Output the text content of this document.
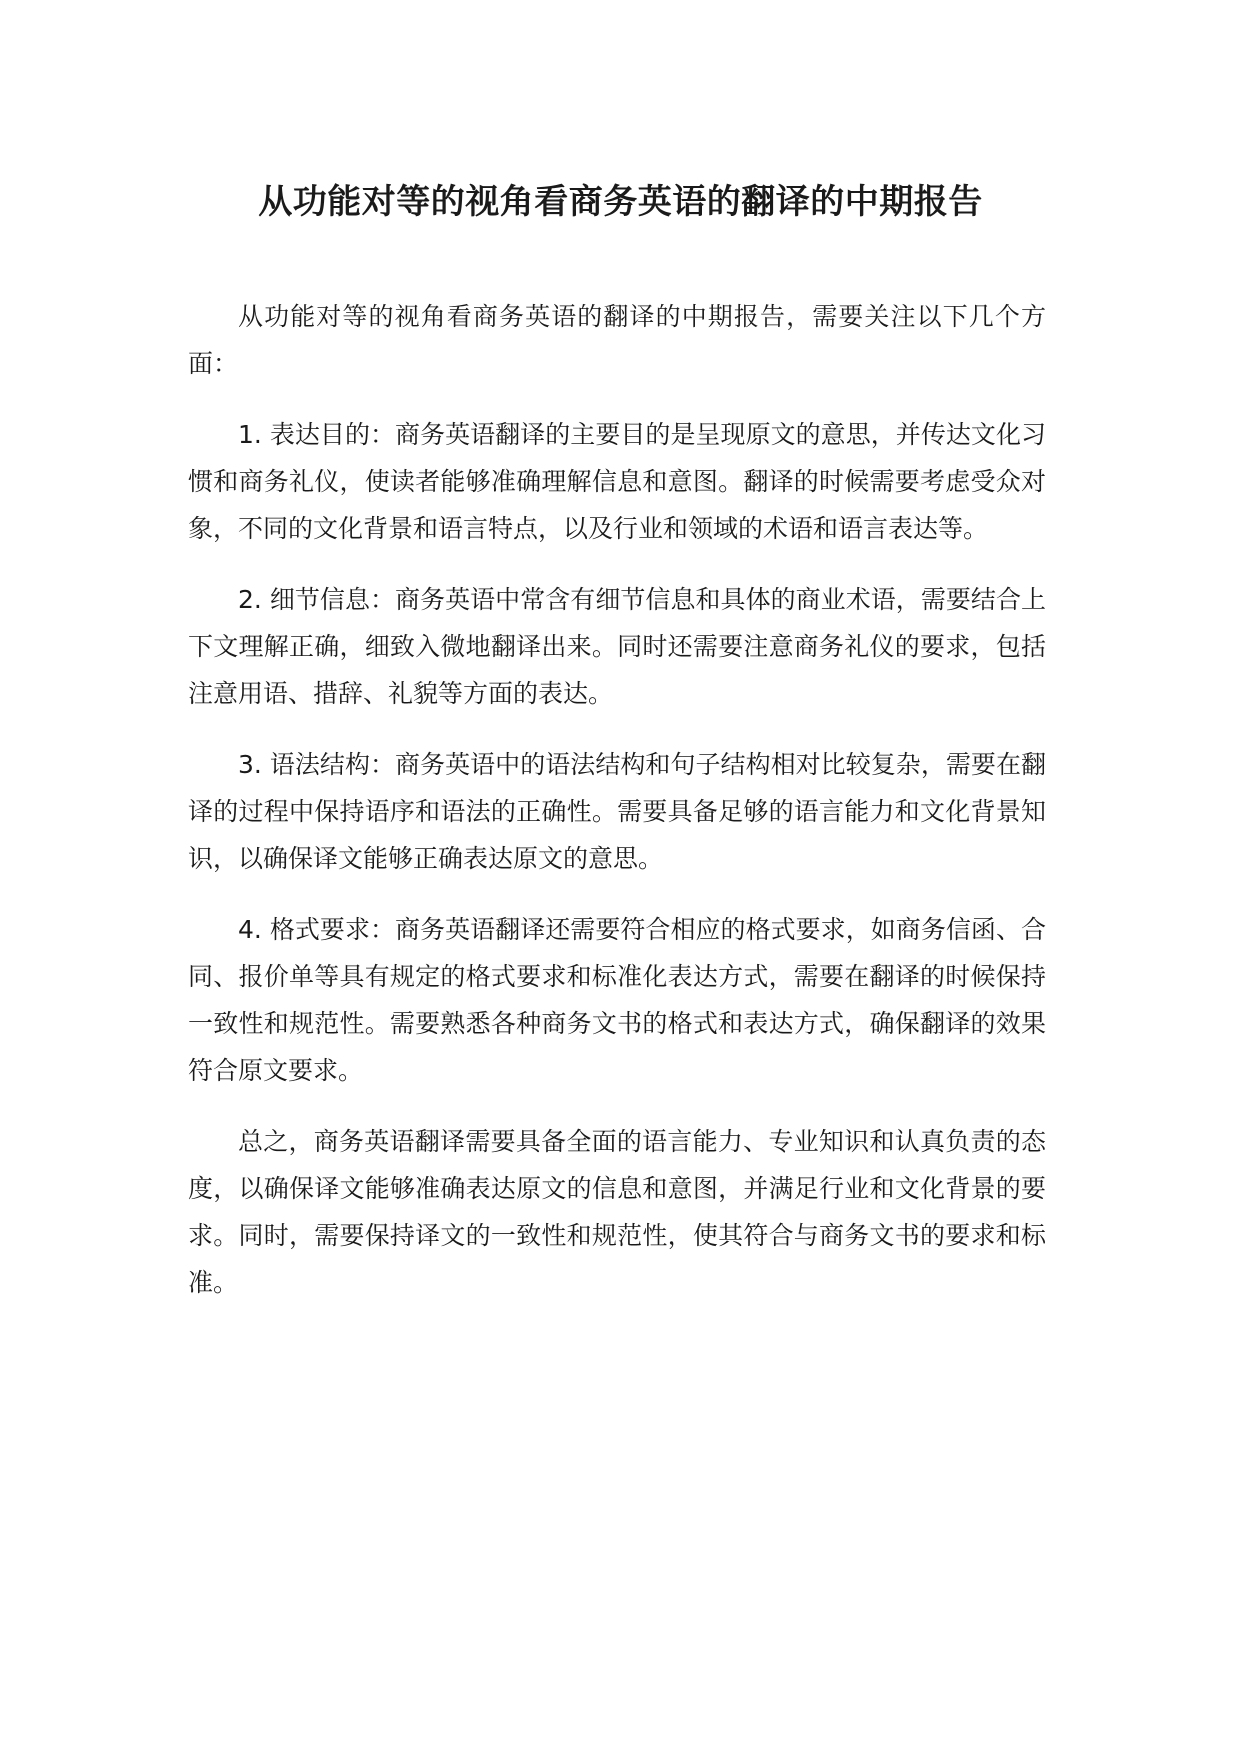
从功能对等的视角看商务英语的翻译的中期报告

从功能对等的视角看商务英语的翻译的中期报告，需要关注以下几个方面：

1. 表达目的：商务英语翻译的主要目的是呈现原文的意思，并传达文化习惯和商务礼仪，使读者能够准确理解信息和意图。翻译的时候需要考虑受众对象，不同的文化背景和语言特点，以及行业和领域的术语和语言表达等。

2. 细节信息：商务英语中常含有细节信息和具体的商业术语，需要结合上下文理解正确，细致入微地翻译出来。同时还需要注意商务礼仪的要求，包括注意用语、措辞、礼貌等方面的表达。

3. 语法结构：商务英语中的语法结构和句子结构相对比较复杂，需要在翻译的过程中保持语序和语法的正确性。需要具备足够的语言能力和文化背景知识，以确保译文能够正确表达原文的意思。

4. 格式要求：商务英语翻译还需要符合相应的格式要求，如商务信函、合同、报价单等具有规定的格式要求和标准化表达方式，需要在翻译的时候保持一致性和规范性。需要熟悉各种商务文书的格式和表达方式，确保翻译的效果符合原文要求。

总之，商务英语翻译需要具备全面的语言能力、专业知识和认真负责的态度，以确保译文能够准确表达原文的信息和意图，并满足行业和文化背景的要求。同时，需要保持译文的一致性和规范性，使其符合与商务文书的要求和标准。
